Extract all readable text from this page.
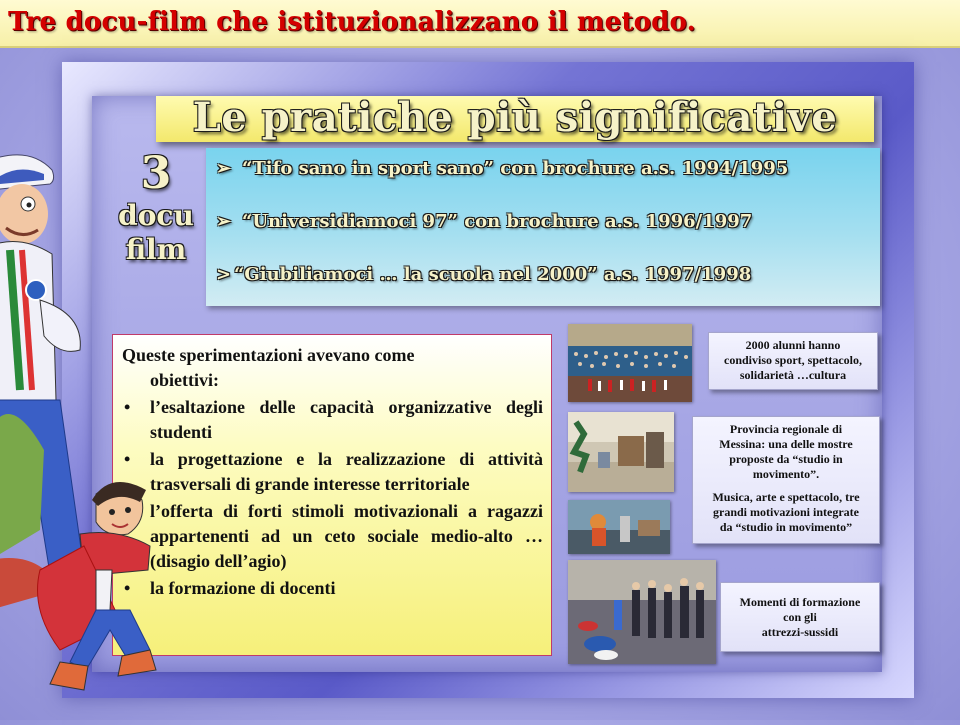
Tre docu-film che istituzionalizzano il metodo.
Le pratiche più significative
3
docu
film
➢ “Tifo sano in sport sano” con brochure a.s. 1994/1995
➢ “Universidiamoci 97” con brochure a.s. 1996/1997
> “Giubiliamoci … la scuola nel 2000” a.s. 1997/1998
Queste sperimentazioni avevano come
obiettivi:
• l’esaltazione delle capacità organizzative degli studenti
• la progettazione e la realizzazione di attività trasversali di grande interesse territoriale
• l’offerta di forti stimoli motivazionali a ragazzi appartenenti ad un ceto sociale medio-alto … (disagio dell’agio)
• la formazione di docenti
2000 alunni hanno
condiviso sport, spettacolo,
solidarietà …cultura
Provincia regionale di
Messina: una delle mostre
proposte da “studio in
movimento”.
Musica, arte e spettacolo, tre
grandi motivazioni integrate
da “studio in movimento”
Momenti di formazione
con gli
attrezzi-sussidi
